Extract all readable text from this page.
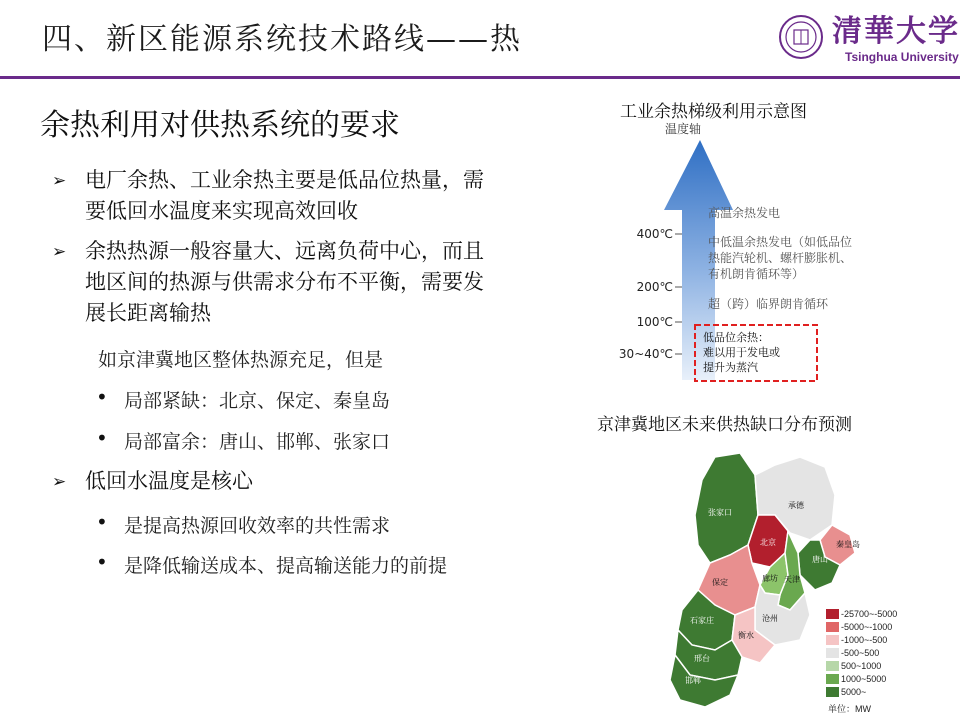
四、新区能源系统技术路线——热	清華大学
Tsinghua University
余热利用对供热系统的要求
➢ 电厂余热、工业余热主要是低品位热量，需
要低回水温度来实现高效回收
➢ 余热热源一般容量大、远离负荷中心，而且
地区间的热源与供需求分布不平衡，需要发
展长距离输热
如京津冀地区整体热源充足，但是
• 局部紧缺：北京、保定、秦皇岛
• 局部富余：唐山、邯郸、张家口
➢ 低回水温度是核心
• 是提高热源回收效率的共性需求
• 是降低输送成本、提高输送能力的前提
工业余热梯级利用示意图
温度轴
400℃
200℃
100℃
30~40℃
高温余热发电
中低温余热发电（如低品位
热能汽轮机、螺杆膨胀机、
有机朗肯循环等）
超（跨）临界朗肯循环
低品位余热：
难以用于发电或
提升为蒸汽
京津冀地区未来供热缺口分布预测
张家口
承德
北京	秦皇岛
唐山
保定	廊坊 天津
沧州
石家庄
衡水
邢台
邯郸
-25700~-5000
-5000~-1000
-1000~-500
-500~500
500~1000
1000~5000
5000~
单位：MW
